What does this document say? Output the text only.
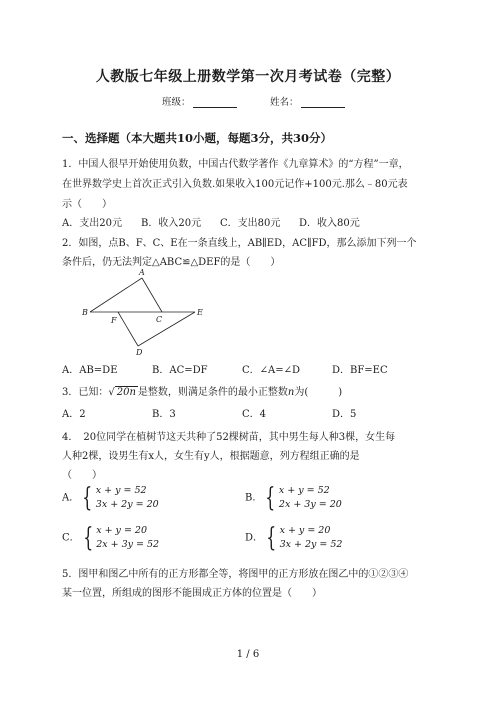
人教版七年级上册数学第一次月考试卷（完整）
班级：	姓名：
一、选择题（本大题共10小题，每题3分，共30分）
1．中国人很早开始使用负数，中国古代数学著作《九章算术》的“方程”一章，
在世界数学史上首次正式引入负数.如果收入100元记作+100元.那么﹣80元表
示（　　）
A．支出20元 B．收入20元 C．支出80元 D．收入80元
2．如图，点B、F、C、E在一条直线上，AB∥ED，AC∥FD，那么添加下列一个
条件后，仍无法判定△ABC≌△DEF的是（　　）
A
B
F	C
E
D
A．AB=DE	B．AC=DF	C．∠A=∠D	D．BF=EC
3．已知：√ 20n 是整数，则满足条件的最小正整数n为(　　　)
A．2	B．3	C．4	D．5
4．　20位同学在植树节这天共种了52棵树苗，其中男生每人种3棵，女生每
人种2棵，设男生有x人，女生有y人，根据题意，列方程组正确的是
（　　）
A． { x + y = 52
3x + 2y = 20
B． { x + y = 52
2x + 3y = 20
C． { x + y = 20
2x + 3y = 52
D． { x + y = 20
3x + 2y = 52
5．图甲和图乙中所有的正方形都全等，将图甲的正方形放在图乙中的①②③④
某一位置，所组成的图形不能围成正方体的位置是（　　）
1 / 6
